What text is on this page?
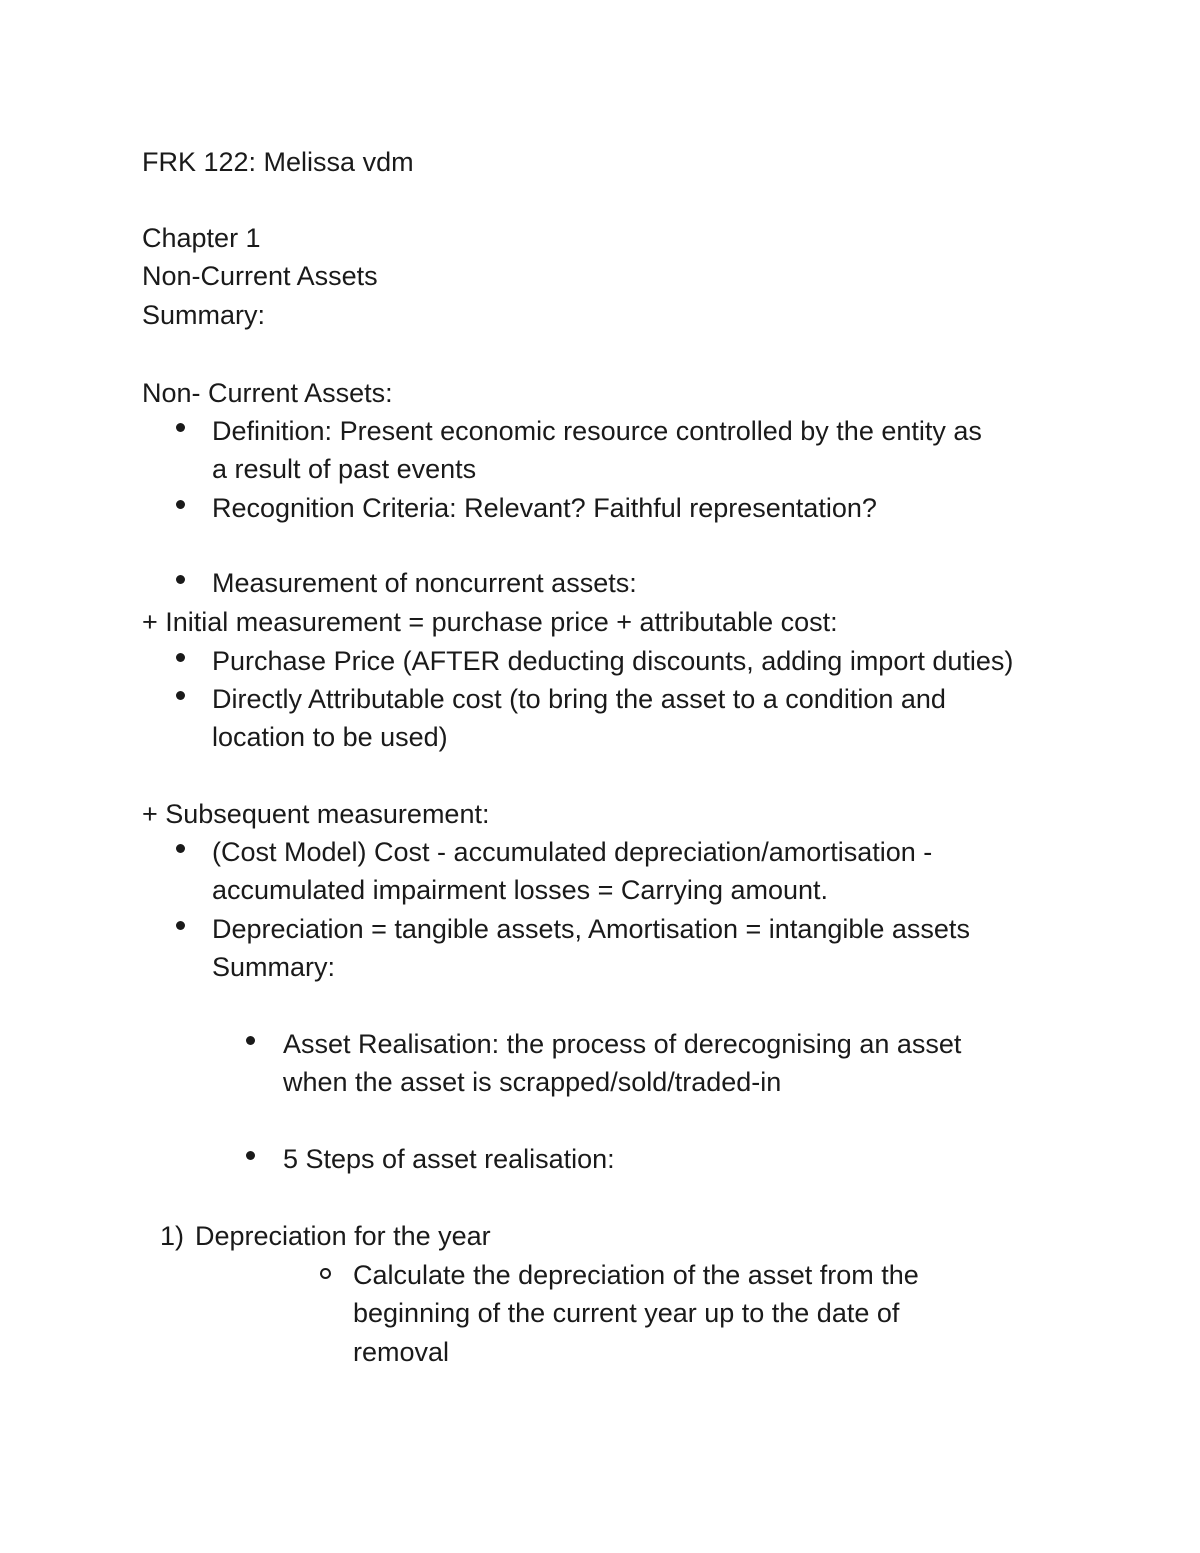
FRK 122: Melissa vdm
Chapter 1
Non-Current Assets
Summary:
Non- Current Assets:
Definition: Present economic resource controlled by the entity as
a result of past events
Recognition Criteria: Relevant? Faithful representation?
Measurement of noncurrent assets:
+ Initial measurement = purchase price + attributable cost:
Purchase Price (AFTER deducting discounts, adding import duties)
Directly Attributable cost (to bring the asset to a condition and
location to be used)
+ Subsequent measurement:
(Cost Model) Cost - accumulated depreciation/amortisation -
accumulated impairment losses = Carrying amount.
Depreciation = tangible assets, Amortisation = intangible assets
Summary:
Asset Realisation: the process of derecognising an asset
when the asset is scrapped/sold/traded-in
5 Steps of asset realisation:
1) Depreciation for the year
Calculate the depreciation of the asset from the
beginning of the current year up to the date of
removal
